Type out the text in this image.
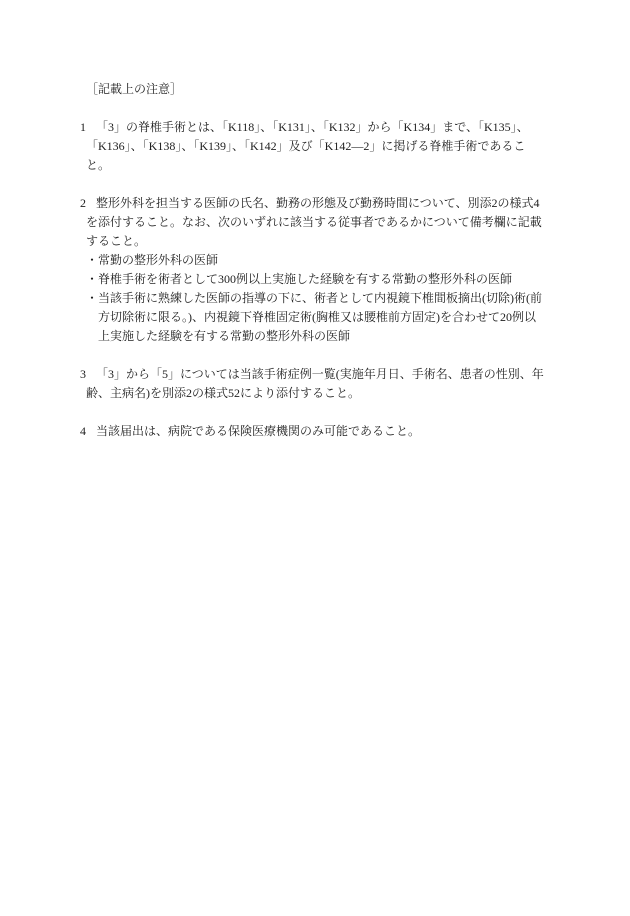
［記載上の注意］
1 「3」の脊椎手術とは、「K118」、「K131」、「K132」から「K134」まで、「K135」、
「K136」、「K138」、「K139」、「K142」及び「K142―2」に掲げる脊椎手術であるこ
と。
2 整形外科を担当する医師の氏名、勤務の形態及び勤務時間について、別添2の様式4
を添付すること。なお、次のいずれに該当する従事者であるかについて備考欄に記載
すること。
・ 常勤の整形外科の医師
・ 脊椎手術を術者として300例以上実施した経験を有する常勤の整形外科の医師
・ 当該手術に熟練した医師の指導の下に、術者として内視鏡下椎間板摘出(切除)術(前
方切除術に限る。)、内視鏡下脊椎固定術(胸椎又は腰椎前方固定)を合わせて20例以
上実施した経験を有する常勤の整形外科の医師
3 「3」から「5」については当該手術症例一覧(実施年月日、手術名、患者の性別、年
齢、主病名)を別添2の様式52により添付すること。
4 当該届出は、病院である保険医療機関のみ可能であること。
